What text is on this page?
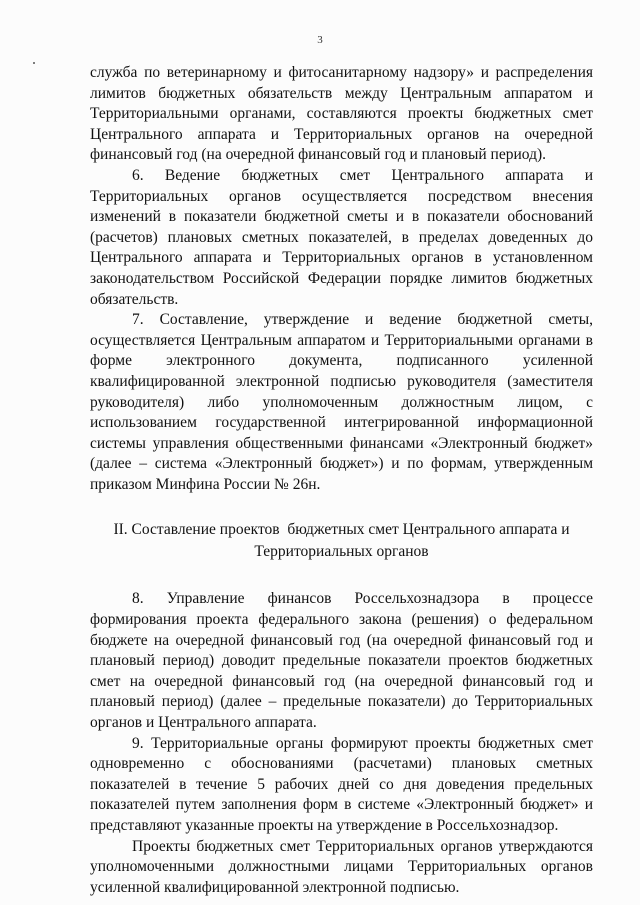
3

служба по ветеринарному и фитосанитарному надзору» и распределения лимитов бюджетных обязательств между Центральным аппаратом и Территориальными органами, составляются проекты бюджетных смет Центрального аппарата и Территориальных органов на очередной финансовый год (на очередной финансовый год и плановый период).

6. Ведение бюджетных смет Центрального аппарата и Территориальных органов осуществляется посредством внесения изменений в показатели бюджетной сметы и в показатели обоснований (расчетов) плановых сметных показателей, в пределах доведенных до Центрального аппарата и Территориальных органов в установленном законодательством Российской Федерации порядке лимитов бюджетных обязательств.

7. Составление, утверждение и ведение бюджетной сметы, осуществляется Центральным аппаратом и Территориальными органами в форме электронного документа, подписанного усиленной квалифицированной электронной подписью руководителя (заместителя руководителя) либо уполномоченным должностным лицом, с использованием государственной интегрированной информационной системы управления общественными финансами «Электронный бюджет» (далее – система «Электронный бюджет») и по формам, утвержденным приказом Минфина России № 26н.

II. Составление проектов  бюджетных смет Центрального аппарата и
Территориальных органов

8. Управление финансов Россельхознадзора в процессе формирования проекта федерального закона (решения) о федеральном бюджете на очередной финансовый год (на очередной финансовый год и плановый период) доводит предельные показатели проектов бюджетных смет на очередной финансовый год (на очередной финансовый год и плановый период) (далее – предельные показатели) до Территориальных органов и Центрального аппарата.

9. Территориальные органы формируют проекты бюджетных смет одновременно с обоснованиями (расчетами) плановых сметных показателей в течение 5 рабочих дней со дня доведения предельных показателей путем заполнения форм в системе «Электронный бюджет» и представляют указанные проекты на утверждение в Россельхознадзор.

Проекты бюджетных смет Территориальных органов утверждаются уполномоченными должностными лицами Территориальных органов усиленной квалифицированной электронной подписью.
